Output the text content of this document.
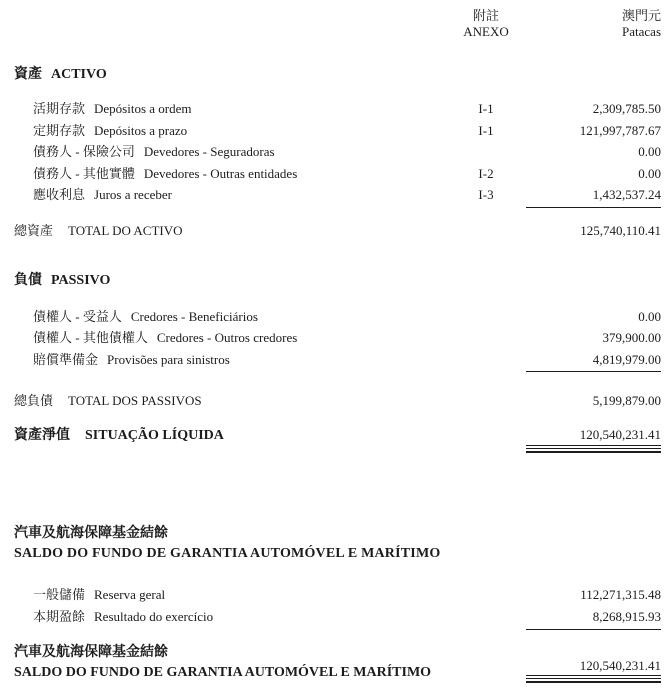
附註
ANEXO
澳門元
Patacas
資產 ACTIVO
活期存款 Depósitos a ordem	I-1	2,309,785.50
定期存款 Depósitos a prazo	I-1	121,997,787.67
債務人 - 保險公司 Devedores - Seguradoras	0.00
債務人 - 其他實體 Devedores - Outras entidades	I-2	0.00
應收利息 Juros a receber	I-3	1,432,537.24
總資產 TOTAL DO ACTIVO	125,740,110.41
負債 PASSIVO
債權人 - 受益人 Credores - Beneficiários	0.00
債權人 - 其他債權人 Credores - Outros credores	379,900.00
賠償準備金 Provisões para sinistros	4,819,979.00
總負債 TOTAL DOS PASSIVOS	5,199,879.00
資產淨值 SITUAÇÃO LÍQUIDA	120,540,231.41
汽車及航海保障基金結餘
SALDO DO FUNDO DE GARANTIA AUTOMÓVEL E MARÍTIMO
一般儲備 Reserva geral	112,271,315.48
本期盈餘 Resultado do exercício	8,268,915.93
汽車及航海保障基金結餘
SALDO DO FUNDO DE GARANTIA AUTOMÓVEL E MARÍTIMO	120,540,231.41
